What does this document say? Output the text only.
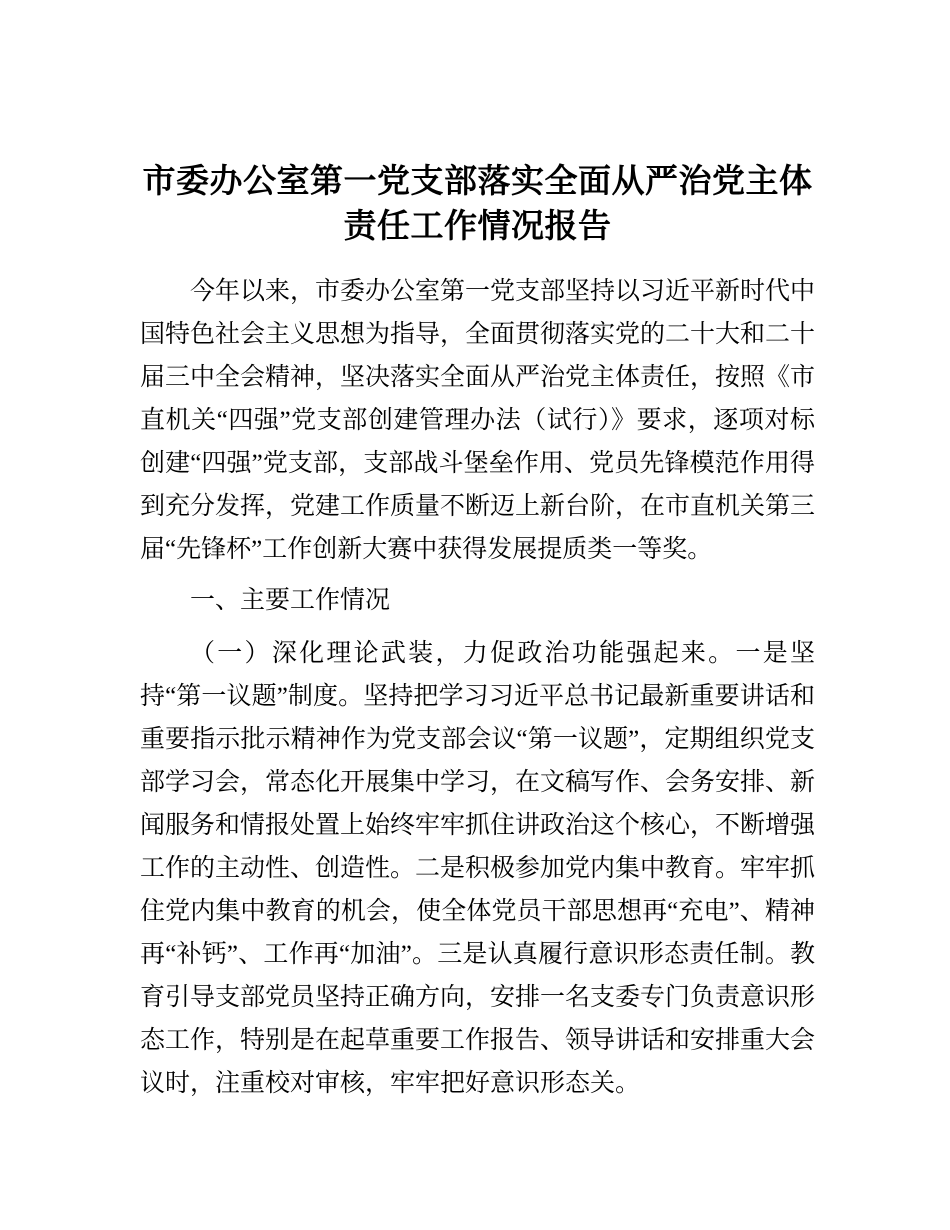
市委办公室第一党支部落实全面从严治党主体责任工作情况报告

今年以来，市委办公室第一党支部坚持以习近平新时代中国特色社会主义思想为指导，全面贯彻落实党的二十大和二十届三中全会精神，坚决落实全面从严治党主体责任，按照《市直机关“四强”党支部创建管理办法（试行）》要求，逐项对标创建“四强”党支部，支部战斗堡垒作用、党员先锋模范作用得到充分发挥，党建工作质量不断迈上新台阶，在市直机关第三届“先锋杯”工作创新大赛中获得发展提质类一等奖。

一、主要工作情况

（一）深化理论武装，力促政治功能强起来。一是坚持“第一议题”制度。坚持把学习习近平总书记最新重要讲话和重要指示批示精神作为党支部会议“第一议题”，定期组织党支部学习会，常态化开展集中学习，在文稿写作、会务安排、新闻服务和情报处置上始终牢牢抓住讲政治这个核心，不断增强工作的主动性、创造性。二是积极参加党内集中教育。牢牢抓住党内集中教育的机会，使全体党员干部思想再“充电”、精神再“补钙”、工作再“加油”。三是认真履行意识形态责任制。教育引导支部党员坚持正确方向，安排一名支委专门负责意识形态工作，特别是在起草重要工作报告、领导讲话和安排重大会议时，注重校对审核，牢牢把好意识形态关。
